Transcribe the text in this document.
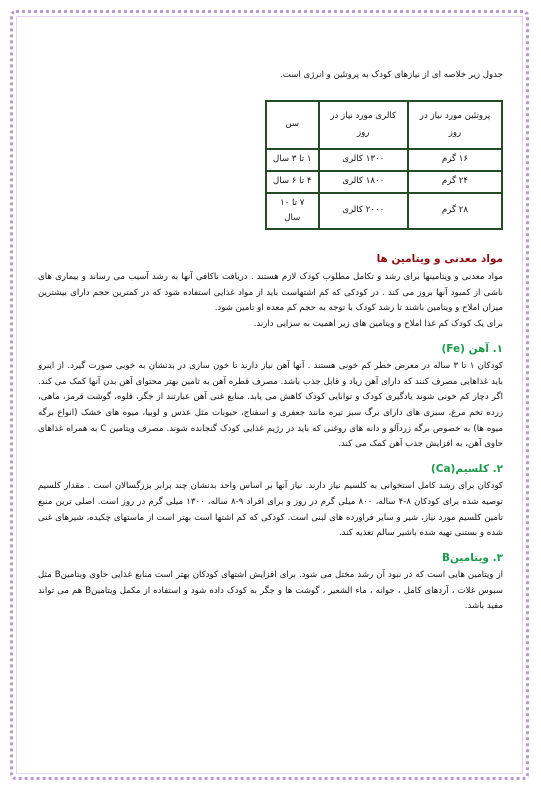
جدول زیر خلاصه ای از نیازهای کودک به پروتئین و انرژی است.

پروتئین مورد نیاز در روز	کالری مورد نیاز در روز	سن
۱۶ گرم	۱۳۰۰ کالری	۱ تا ۳ سال
۲۴ گرم	۱۸۰۰ کالری	۴ تا ۶ سال
۲۸ گرم	۲۰۰۰ کالری	۷ تا ۱۰ سال
مواد معدنی و ویتامین ها

مواد معدنی و ویتامینها برای رشد و تکامل مطلوب کودک لازم هستند . دریافت ناکافی آنها به رشد آسیب می رساند و بیماری های ناشی از کمبود آنها بروز می کند . در کودکی که کم اشتهاست باید از مواد غذایی استفاده شود که در کمترین حجم دارای بیشترین میزان املاح و ویتامین باشند تا رشد کودک با توجه به حجم کم معده او تامین شود.

برای یک کودک کم غذا املاح و ویتامین های زیر اهمیت به سزایی دارند.

۱. آهن (Fe)

کودکان ۱ تا ۳ ساله در معرض خطر کم خونی هستند . آنها آهن نیاز دارند تا خون سازی در بدنشان به خوبی صورت گیرد. از اینرو باید غذاهایی مصرف کنند که دارای آهن زیاد و قابل جذب باشد. مصرف قطره آهن به تامین بهتر محتوای آهن بدن آنها کمک می کند. اگر دچار کم خونی شوند یادگیری کودک و توانایی کودک کاهش می یابد. منابع غنی آهن عبارتند از جگر، قلوه، گوشت قرمز، ماهی، زرده تخم مرغ، سبزی های دارای برگ سبز تیره مانند جعفری و اسفناج، حبوبات مثل عدس و لوبیا، میوه های خشک (انواع برگه میوه ها) به خصوص برگه زردآلو و دانه های روغنی که باید در رژیم غذایی کودک گنجانده شوند. مصرف ویتامین C به همراه غذاهای حاوی آهن، به افزایش جذب آهن کمک می کند.

۲. کلسیم(Ca)

کودکان برای رشد کامل استخوانی به کلسیم نیاز دارند. نیاز آنها بر اساس واحد بدنشان چند برابر بزرگسالان است . مقدار کلسیم توصیه شده برای کودکان ۸-۴ ساله، ۸۰۰ میلی گرم در روز و برای افراد ۹-۸ ساله، ۱۳۰۰ میلی گرم در روز است. اصلی ترین منبع تامین کلسیم مورد نیاز، شیر و سایر فراورده های لبنی است. کودکی که کم اشتها است بهتر است از ماستهای چکیده، شیرهای غنی شده و بستنی تهیه شده باشیر سالم تغذیه کند.

۳. ویتامینB

از ویتامین هایی است که در نبود آن رشد مختل می شود. برای افزایش اشتهای کودکان بهتر است منابع غذایی حاوی ویتامینB مثل سبوس غلات ، آردهای کامل ، جوانه ، ماء الشعیر ، گوشت ها و جگر به کودک داده شود و استفاده از مکمل ویتامینB هم می تواند مفید باشد.
